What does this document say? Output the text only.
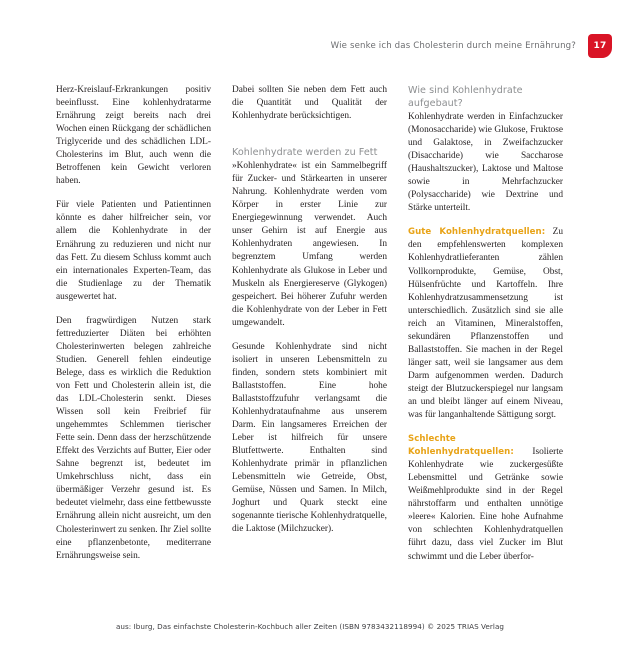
Wie senke ich das Cholesterin durch meine Ernährung?	17

Herz-Kreislauf-Erkrankungen positiv beeinflusst. Eine kohlenhydratarme Ernährung zeigt bereits nach drei Wochen einen Rückgang der schädlichen Triglyceride und des schädlichen LDL-Cholesterins im Blut, auch wenn die Betroffenen kein Gewicht verloren haben.

Für viele Patienten und Patientinnen könnte es daher hilfreicher sein, vor allem die Kohlenhydrate in der Ernährung zu reduzieren und nicht nur das Fett. Zu diesem Schluss kommt auch ein internationales Experten-Team, das die Studienlage zu der Thematik ausgewertet hat.

Den fragwürdigen Nutzen stark fettreduzierter Diäten bei erhöhten Cholesterinwerten belegen zahlreiche Studien. Generell fehlen eindeutige Belege, dass es wirklich die Reduktion von Fett und Cholesterin allein ist, die das LDL-Cholesterin senkt. Dieses Wissen soll kein Freibrief für ungehemmtes Schlemmen tierischer Fette sein. Denn dass der herzschützende Effekt des Verzichts auf Butter, Eier oder Sahne begrenzt ist, bedeutet im Umkehrschluss nicht, dass ein übermäßiger Verzehr gesund ist. Es bedeutet vielmehr, dass eine fettbewusste Ernährung allein nicht ausreicht, um den Cholesterinwert zu senken. Ihr Ziel sollte eine pflanzenbetonte, mediterrane Ernährungsweise sein.

Dabei sollten Sie neben dem Fett auch die Quantität und Qualität der Kohlenhydrate berücksichtigen.

Kohlenhydrate werden zu Fett

»Kohlenhydrate« ist ein Sammelbegriff für Zucker- und Stärkearten in unserer Nahrung. Kohlenhydrate werden vom Körper in erster Linie zur Energiegewinnung verwendet. Auch unser Gehirn ist auf Energie aus Kohlenhydraten angewiesen. In begrenztem Umfang werden Kohlenhydrate als Glukose in Leber und Muskeln als Energiereserve (Glykogen) gespeichert. Bei höherer Zufuhr werden die Kohlenhydrate von der Leber in Fett umgewandelt.

Gesunde Kohlenhydrate sind nicht isoliert in unseren Lebensmitteln zu finden, sondern stets kombiniert mit Ballaststoffen. Eine hohe Ballaststoffzufuhr verlangsamt die Kohlenhydrataufnahme aus unserem Darm. Ein langsameres Erreichen der Leber ist hilfreich für unsere Blutfettwerte. Enthalten sind Kohlenhydrate primär in pflanzlichen Lebensmitteln wie Getreide, Obst, Gemüse, Nüssen und Samen. In Milch, Joghurt und Quark steckt eine sogenannte tierische Kohlenhydratquelle, die Laktose (Milchzucker).

Wie sind Kohlenhydrate aufgebaut?

Kohlenhydrate werden in Einfachzucker (Monosaccharide) wie Glukose, Fruktose und Galaktose, in Zweifachzucker (Disaccharide) wie Saccharose (Haushaltszucker), Laktose und Maltose sowie in Mehrfachzucker (Polysaccharide) wie Dextrine und Stärke unterteilt.

Gute Kohlenhydratquellen: Zu den empfehlenswerten komplexen Kohlenhydratlieferanten zählen Vollkornprodukte, Gemüse, Obst, Hülsenfrüchte und Kartoffeln. Ihre Kohlenhydratzusammensetzung ist unterschiedlich. Zusätzlich sind sie alle reich an Vitaminen, Mineralstoffen, sekundären Pflanzenstoffen und Ballaststoffen. Sie machen in der Regel länger satt, weil sie langsamer aus dem Darm aufgenommen werden. Dadurch steigt der Blutzuckerspiegel nur langsam an und bleibt länger auf einem Niveau, was für langanhaltende Sättigung sorgt.

Schlechte Kohlenhydratquellen: Isolierte Kohlenhydrate wie zuckergesüßte Lebensmittel und Getränke sowie Weißmehlprodukte sind in der Regel nährstoffarm und enthalten unnötige »leere« Kalorien. Eine hohe Aufnahme von schlechten Kohlenhydratquellen führt dazu, dass viel Zucker im Blut schwimmt und die Leber überfor-

aus: Iburg, Das einfachste Cholesterin-Kochbuch aller Zeiten (ISBN 9783432118994) © 2025 TRIAS Verlag
